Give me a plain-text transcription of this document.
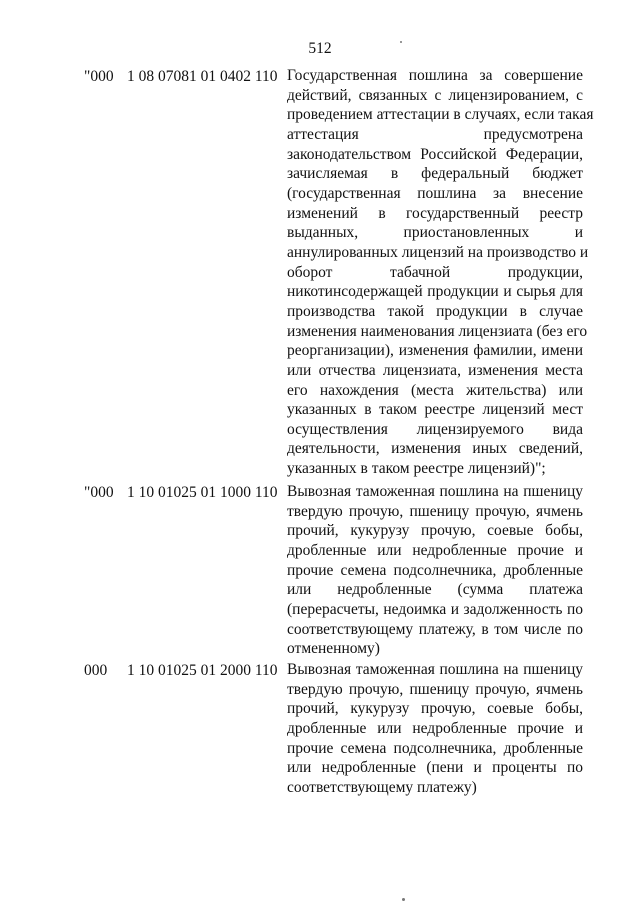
512
"000 1 08 07081 01 0402 110 Государственная пошлина за совершение
действий, связанных с лицензированием, с
проведением аттестации в случаях, если такая
аттестация предусмотрена
законодательством Российской Федерации,
зачисляемая в федеральный бюджет
(государственная пошлина за внесение
изменений в государственный реестр
выданных, приостановленных и
аннулированных лицензий на производство и
оборот табачной продукции,
никотинсодержащей продукции и сырья для
производства такой продукции в случае
изменения наименования лицензиата (без его
реорганизации), изменения фамилии, имени
или отчества лицензиата, изменения места
его нахождения (места жительства) или
указанных в таком реестре лицензий мест
осуществления лицензируемого вида
деятельности, изменения иных сведений,
указанных в таком реестре лицензий)";
"000 1 10 01025 01 1000 110 Вывозная таможенная пошлина на пшеницу
твердую прочую, пшеницу прочую, ячмень
прочий, кукурузу прочую, соевые бобы,
дробленные или недробленные прочие и
прочие семена подсолнечника, дробленные
или недробленные (сумма платежа
(перерасчеты, недоимка и задолженность по
соответствующему платежу, в том числе по
отмененному)
000 1 10 01025 01 2000 110 Вывозная таможенная пошлина на пшеницу
твердую прочую, пшеницу прочую, ячмень
прочий, кукурузу прочую, соевые бобы,
дробленные или недробленные прочие и
прочие семена подсолнечника, дробленные
или недробленные (пени и проценты по
соответствующему платежу)
